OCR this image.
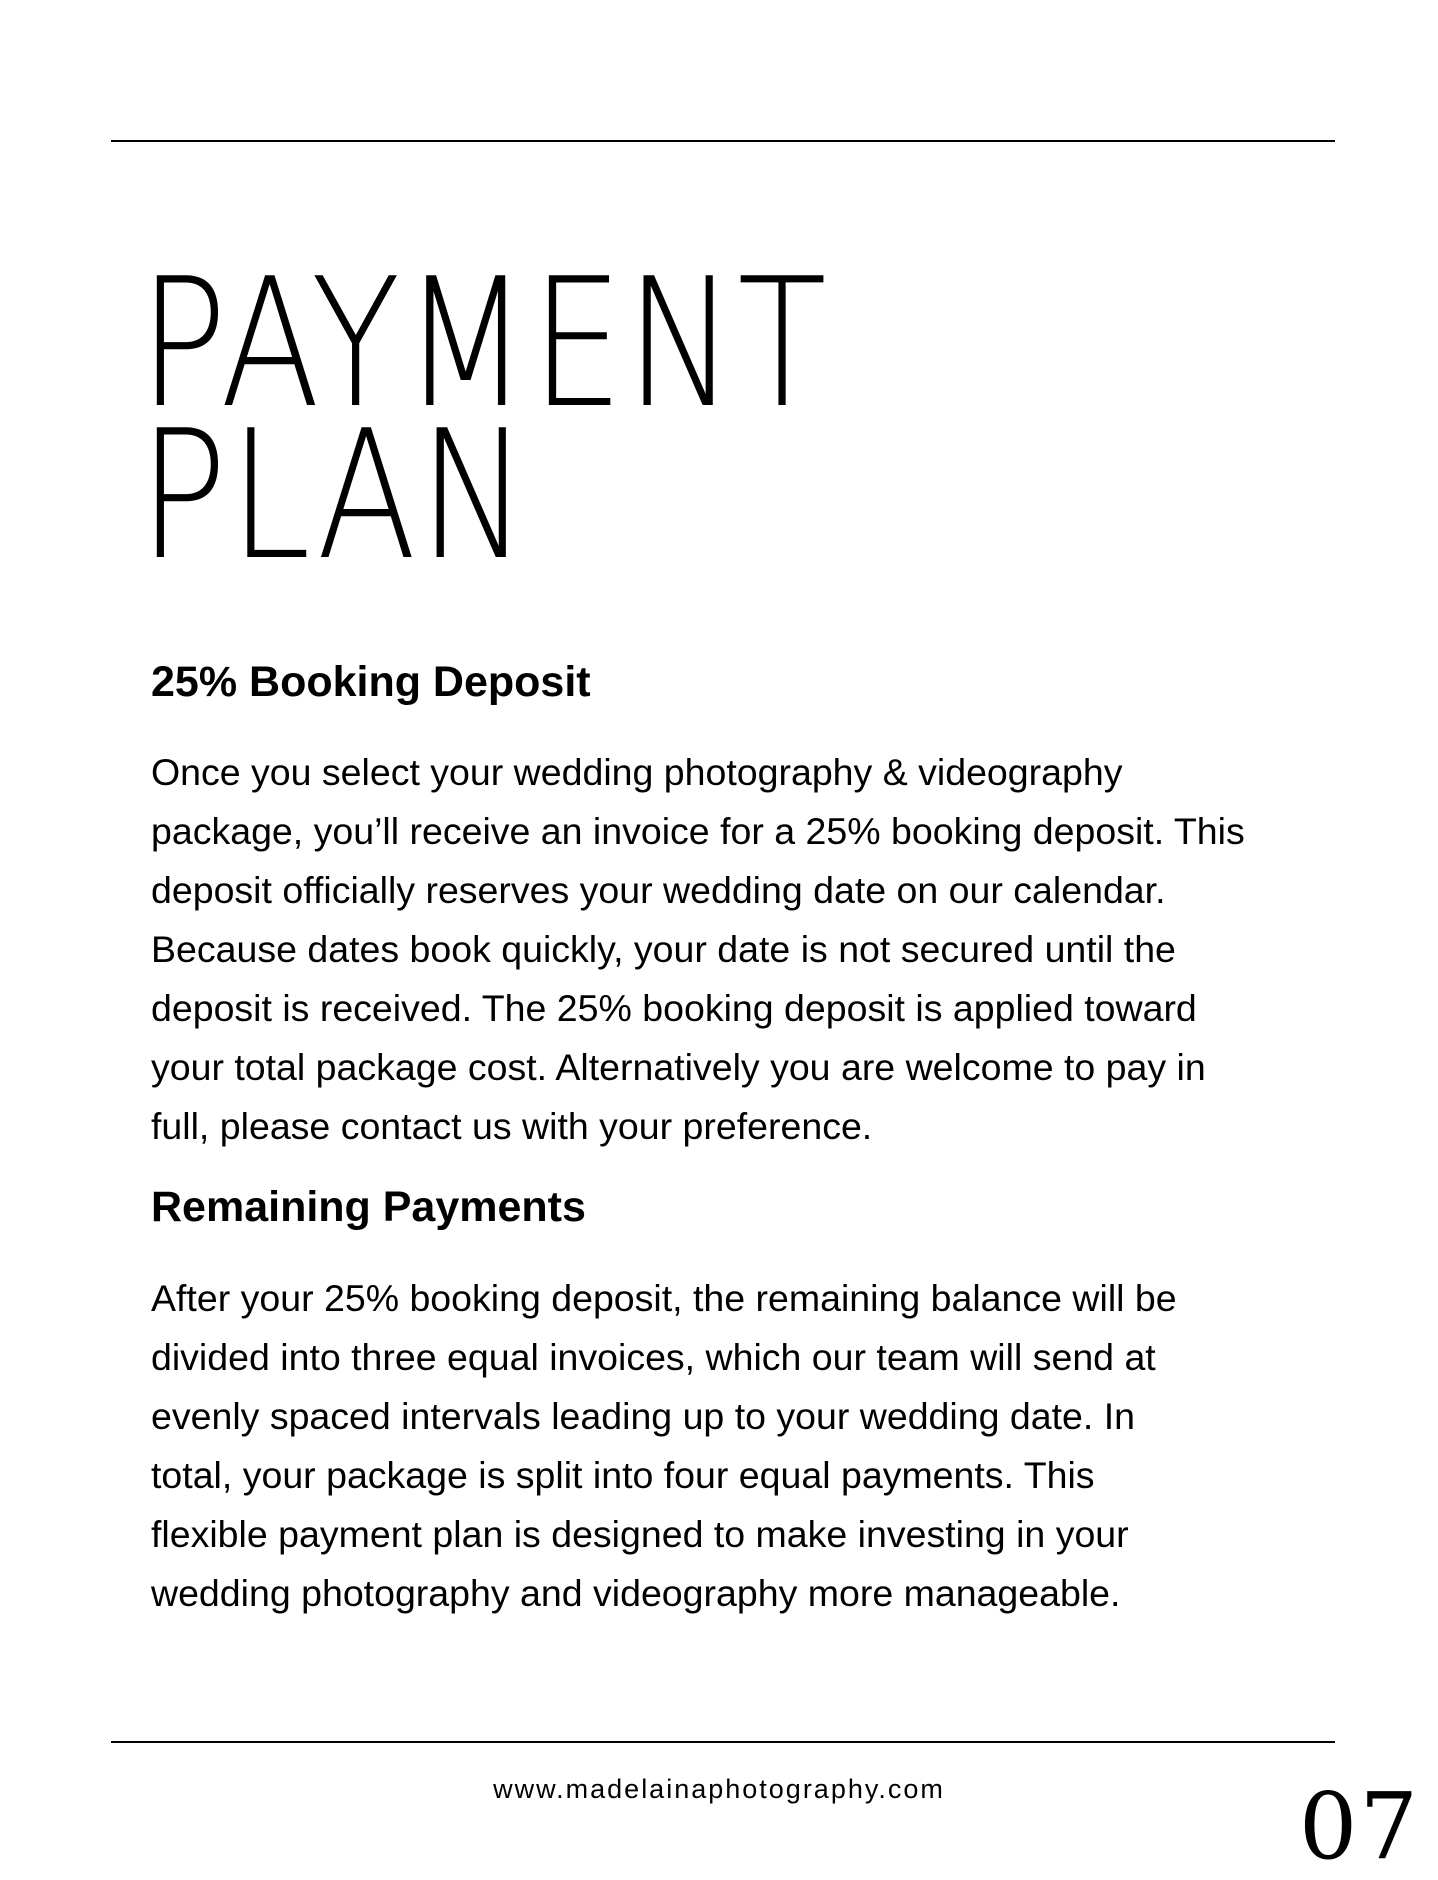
PAYMENT
PLAN
25% Booking Deposit
Once you select your wedding photography & videography
package, you’ll receive an invoice for a 25% booking deposit. This
deposit officially reserves your wedding date on our calendar.
Because dates book quickly, your date is not secured until the
deposit is received. The 25% booking deposit is applied toward
your total package cost. Alternatively you are welcome to pay in
full, please contact us with your preference.
Remaining Payments
After your 25% booking deposit, the remaining balance will be
divided into three equal invoices, which our team will send at
evenly spaced intervals leading up to your wedding date. In
total, your package is split into four equal payments. This
flexible payment plan is designed to make investing in your
wedding photography and videography more manageable.
www.madelainaphotography.com	07
